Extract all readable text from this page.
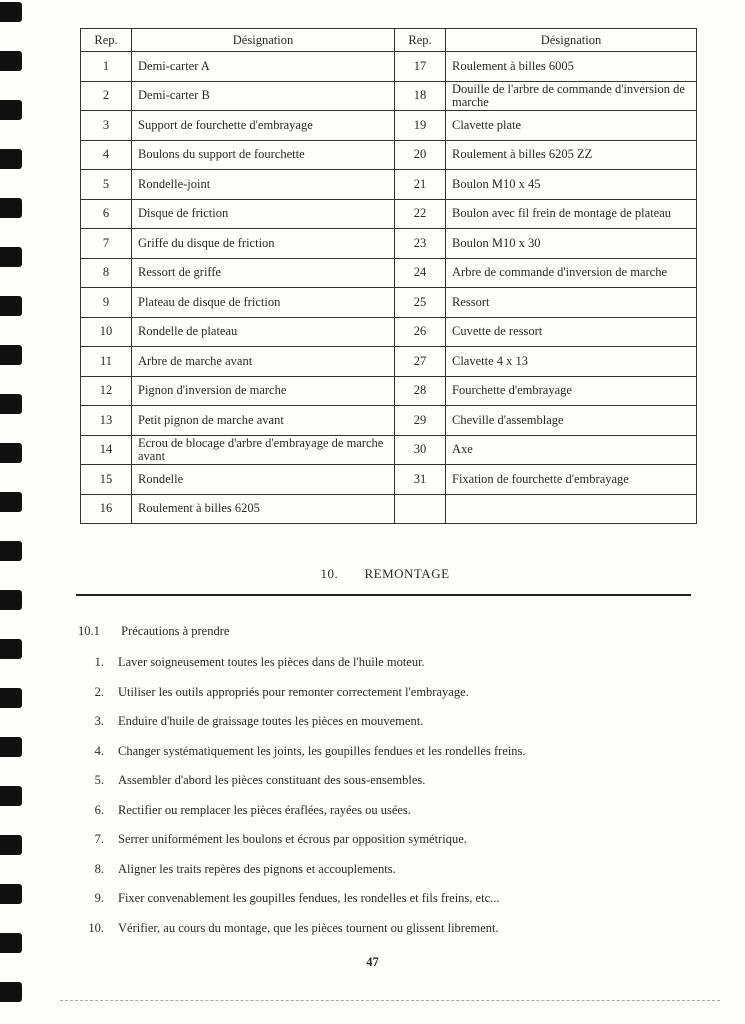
Rep.	Désignation	Rep.	Désignation
1	Demi-carter A	17	Roulement à billes 6005
2	Demi-carter B	18	Douille de l'arbre de commande d'inversion de marche
3	Support de fourchette d'embrayage	19	Clavette plate
4	Boulons du support de fourchette	20	Roulement à billes 6205 ZZ
5	Rondelle-joint	21	Boulon M10 x 45
6	Disque de friction	22	Boulon avec fil frein de montage de plateau
7	Griffe du disque de friction	23	Boulon M10 x 30
8	Ressort de griffe	24	Arbre de commande d'inversion de marche
9	Plateau de disque de friction	25	Ressort
10	Rondelle de plateau	26	Cuvette de ressort
11	Arbre de marche avant	27	Clavette 4 x 13
12	Pignon d'inversion de marche	28	Fourchette d'embrayage
13	Petit pignon de marche avant	29	Cheville d'assemblage
14	Ecrou de blocage d'arbre d'embrayage de marche avant	30	Axe
15	Rondelle	31	Fixation de fourchette d'embrayage
16	Roulement à billes 6205		
10. REMONTAGE
10.1 Précautions à prendre
1. Laver soigneusement toutes les pièces dans de l'huile moteur.
2. Utiliser les outils appropriés pour remonter correctement l'embrayage.
3. Enduire d'huile de graissage toutes les pièces en mouvement.
4. Changer systématiquement les joints, les goupilles fendues et les rondelles freins.
5. Assembler d'abord les pièces constituant des sous-ensembles.
6. Rectifier ou remplacer les pièces éraflées, rayées ou usées.
7. Serrer uniformément les boulons et écrous par opposition symétrique.
8. Aligner les traits repères des pignons et accouplements.
9. Fixer convenablement les goupilles fendues, les rondelles et fils freins, etc...
10. Vérifier, au cours du montage, que les pièces tournent ou glissent librement.
47
